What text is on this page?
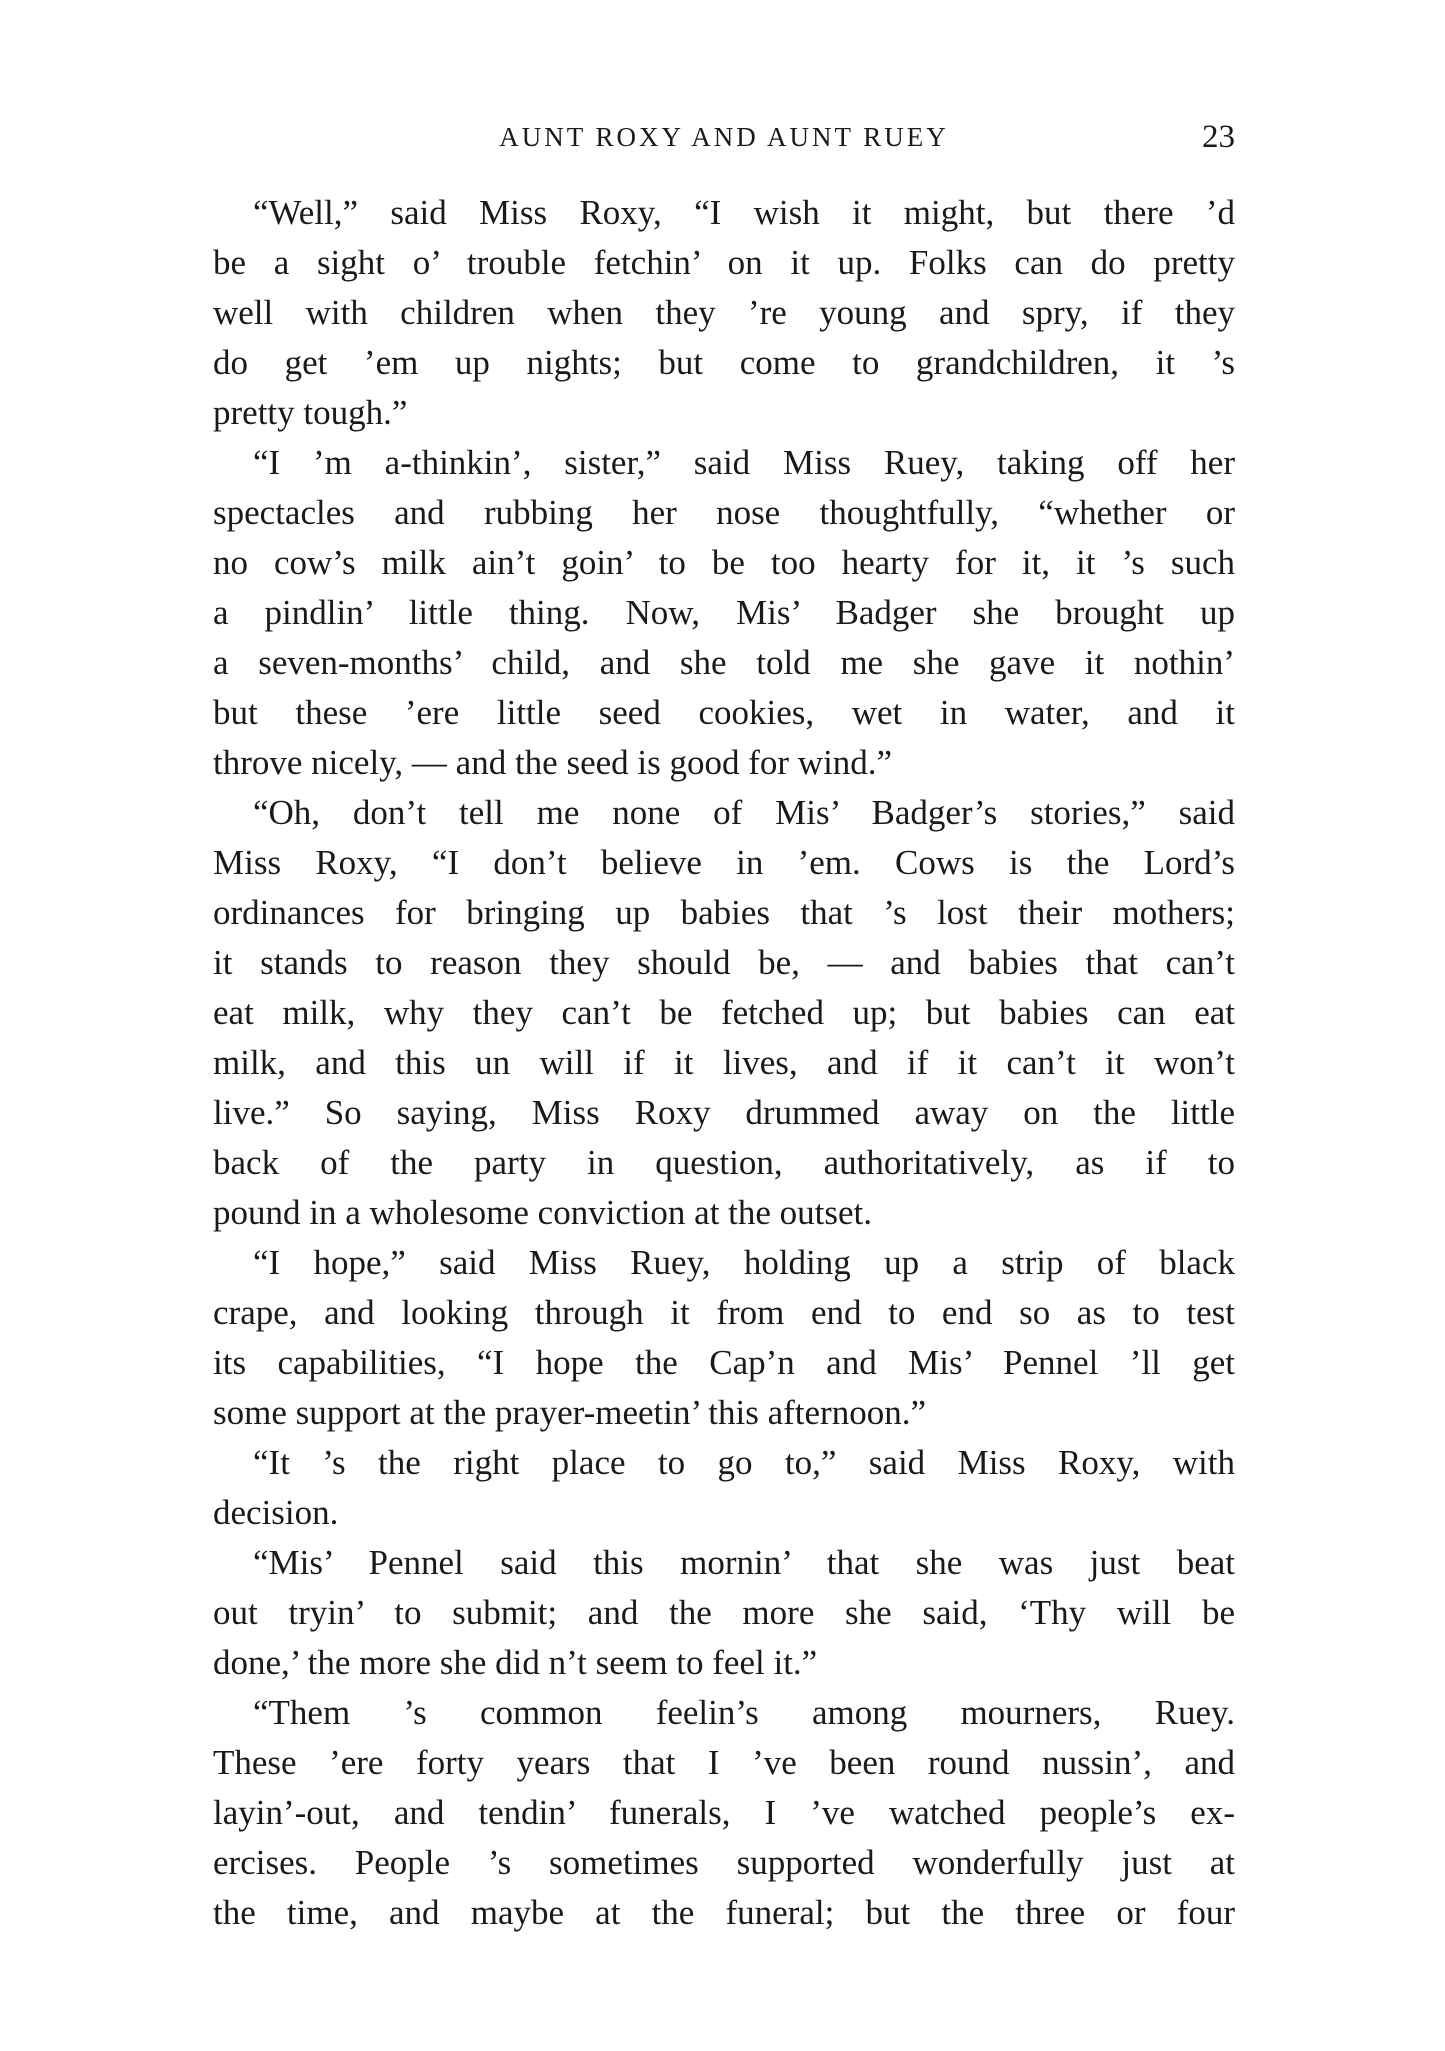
AUNT ROXY AND AUNT RUEY	23
“Well,” said Miss Roxy, “I wish it might, but there ’d
be a sight o’ trouble fetchin’ on it up. Folks can do pretty
well with children when they ’re young and spry, if they
do get ’em up nights; but come to grandchildren, it ’s
pretty tough.”
“I ’m a-thinkin’, sister,” said Miss Ruey, taking off her
spectacles and rubbing her nose thoughtfully, “whether or
no cow’s milk ain’t goin’ to be too hearty for it, it ’s such
a pindlin’ little thing. Now, Mis’ Badger she brought up
a seven-months’ child, and she told me she gave it nothin’
but these ’ere little seed cookies, wet in water, and it
throve nicely, — and the seed is good for wind.”
“Oh, don’t tell me none of Mis’ Badger’s stories,” said
Miss Roxy, “I don’t believe in ’em. Cows is the Lord’s
ordinances for bringing up babies that ’s lost their mothers;
it stands to reason they should be, — and babies that can’t
eat milk, why they can’t be fetched up; but babies can eat
milk, and this un will if it lives, and if it can’t it won’t
live.” So saying, Miss Roxy drummed away on the little
back of the party in question, authoritatively, as if to
pound in a wholesome conviction at the outset.
“I hope,” said Miss Ruey, holding up a strip of black
crape, and looking through it from end to end so as to test
its capabilities, “I hope the Cap’n and Mis’ Pennel ’ll get
some support at the prayer-meetin’ this afternoon.”
“It ’s the right place to go to,” said Miss Roxy, with
decision.
“Mis’ Pennel said this mornin’ that she was just beat
out tryin’ to submit; and the more she said, ‘Thy will be
done,’ the more she did n’t seem to feel it.”
“Them ’s common feelin’s among mourners, Ruey.
These ’ere forty years that I ’ve been round nussin’, and
layin’-out, and tendin’ funerals, I ’ve watched people’s ex-
ercises. People ’s sometimes supported wonderfully just at
the time, and maybe at the funeral; but the three or four
